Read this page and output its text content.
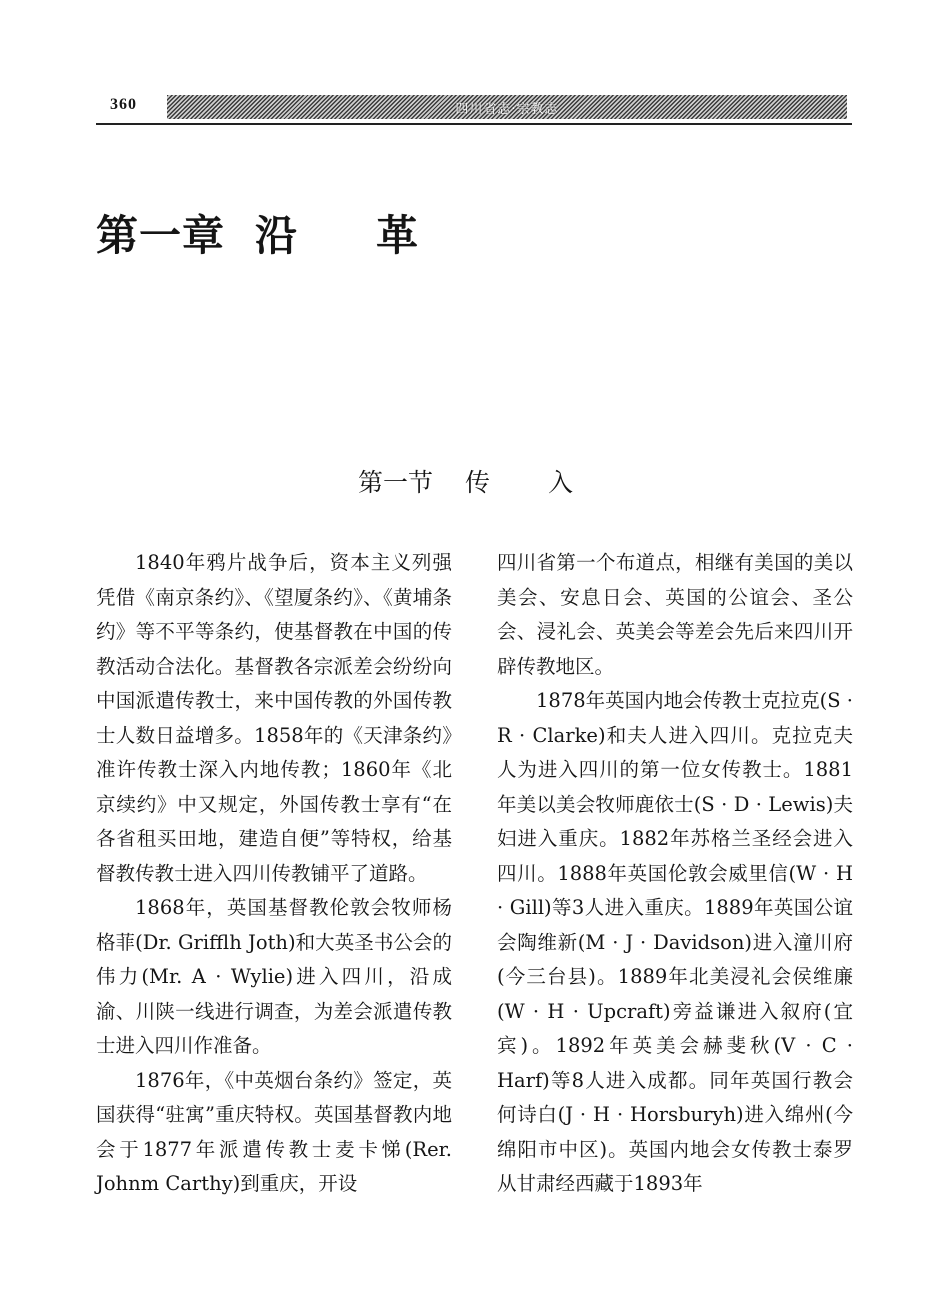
360	四川省志·宗教志
第一章 沿 革
第一节 传 入

1840年鸦片战争后，资本主义列强凭借《南京条约》、《望厦条约》、《黄埔条约》等不平等条约，使基督教在中国的传教活动合法化。基督教各宗派差会纷纷向中国派遣传教士，来中国传教的外国传教士人数日益增多。1858年的《天津条约》准许传教士深入内地传教；1860年《北京续约》中又规定，外国传教士享有“在各省租买田地，建造自便”等特权，给基督教传教士进入四川传教铺平了道路。

1868年，英国基督教伦敦会牧师杨格菲(Dr. Grifflh Joth)和大英圣书公会的伟力(Mr. A · Wylie)进入四川，沿成渝、川陕一线进行调查，为差会派遣传教士进入四川作准备。

1876年，《中英烟台条约》签定，英国获得“驻寓”重庆特权。英国基督教内地会于1877年派遣传教士麦卡悌(Rer. Johnm Carthy)到重庆，开设

四川省第一个布道点，相继有美国的美以美会、安息日会、英国的公谊会、圣公会、浸礼会、英美会等差会先后来四川开辟传教地区。

1878年英国内地会传教士克拉克(S · R · Clarke)和夫人进入四川。克拉克夫人为进入四川的第一位女传教士。1881年美以美会牧师鹿依士(S · D · Lewis)夫妇进入重庆。1882年苏格兰圣经会进入四川。1888年英国伦敦会威里信(W · H · Gill)等3人进入重庆。1889年英国公谊会陶维新(M · J · Davidson)进入潼川府(今三台县)。1889年北美浸礼会侯维廉(W · H · Upcraft)旁益谦进入叙府(宜宾)。1892年英美会赫斐秋(V · C · Harf)等8人进入成都。同年英国行教会何诗白(J · H · Horsburyh)进入绵州(今绵阳市中区)。英国内地会女传教士泰罗从甘肃经西藏于1893年
